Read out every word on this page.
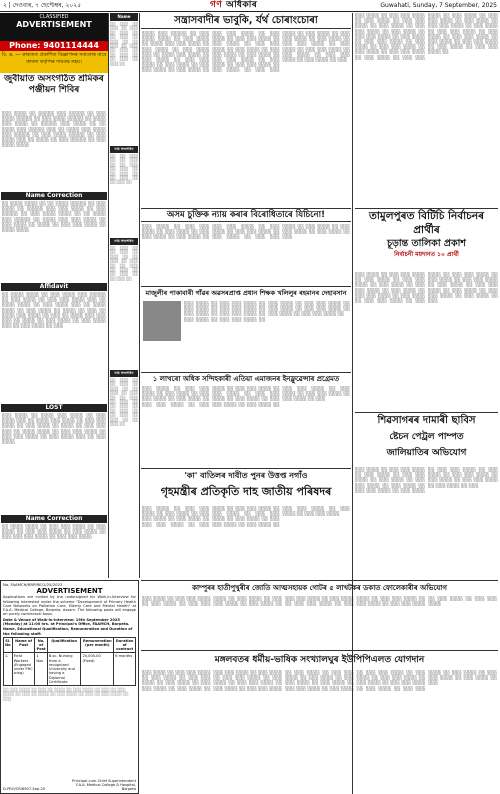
২ | দেওবাৰ, ৭ ছেপ্টেম্বৰ, ২০২৫	গণ অধিকাৰ	Guwahati, Sunday, 7 September, 2025
CLASSIFIED
ADVERTISEMENT
Phone: 9401114444
বি. দ্ৰ. — কাকতত প্ৰকাশিত বিজ্ঞাপনৰ সত্যতাৰ বাবে কাকত কৰ্তৃপক্ষ দায়বদ্ধ নহয়।
জুবীয়াত অসংগঠিত শ্ৰমিকৰ পঞ্জীয়ন শিবিৰ
░░░ ░░░░ ░░ ░░░░░ ░░░ ░░░░░ ░░ ░░░ ░░░░ ░░░░░ ░░ ░░░ ░░░░ ░░░░░ ░░ ░░░░ ░░░ ░░░░ ░░ ░░░░░ ░░░ ░░░░ ░░ ░░ ░░░░ ░░░ ░░░░░ ░░░ ░░ ░░░░ ░░░ ░░░░ ░░░ ░░░░░ ░░ ░░░ ░░░░ ░░░░░ ░░ ░░░ ░░░░ ░░░ ░░ ░░░░ ░░ ░░░ ░░░░░ ░░ ░░░ ░░░░ ░░░░
Name Correction
░░ ░░░░ ░░░░ ░░ ░░ ░░░░ ░░░░░ ░░ ░░░ ░░░░ ░░ ░░░░░ ░░░ ░░░ ░░░░ ░░ ░░░ ░░░░░ ░░ ░░░ ░░░░ ░░░░ ░░ ░░ ░░░░ ░░░ ░░░░░ ░░ ░░░░ ░░░ ░░░ ░░░░ ░░ ░░░ ░░░░ ░░ ░░░░ ░░ ░░░ ░░░ ░░░░ ░░ ░░░░ ░░░░
Affidavit
░░ ░░░░ ░░░░ ░░ ░░░ ░░░░ ░░░ ░░░░░ ░░ ░░░ ░░░░ ░░ ░░░ ░░░ ░░░░ ░░░ ░░ ░░░░ ░░░░ ░░ ░░░ ░░░░ ░░░ ░░ ░░░░ ░░░░ ░░ ░░░ ░░░░ ░░ ░░░░ ░░ ░░░ ░░ ░░░░ ░░░ ░░░░ ░░ ░░░ ░░ ░░░░ ░░░ ░░░ ░░░ ░░ ░░░░ ░░ ░░░ ░░░░ ░░ ░░░ ░░░░ ░░░ ░░ ░░░ ░░░░ ░░ ░░░
LOST
░░░ ░░░░ ░░ ░░░░ ░░░ ░░░░ ░░ ░░░ ░░░░ ░░░ ░░ ░░░░ ░░░ ░░░░ ░░ ░░░ ░░░ ░░░░ ░░ ░░░ ░░░░ ░░ ░░░░ ░░ ░░░ ░░░ ░░░ ░░ ░░░░ ░░░░ ░░ ░░░ ░░░ ░░░░ ░░ ░░░ ░░░ ░░░░ ░░ ░░░ ░░░░ ░░░ ░░ ░░░ ░░░░
Name Correction
░░ ░░░░ ░░░░ ░░ ░░░ ░░░ ░░░░ ░░ ░░░ ░░░░ ░░ ░░░ ░░░ ░░░░ ░░ ░░░ ░░░░ ░░ ░░░ ░░░ ░░░ ░░░░ ░░ ░░░ ░░░ ░░░░
Name
░░ ░░░ ░░ ░░░ ░░ ░░░ ░░ ░░░ ░░ ░░ ░░░ ░░ ░░░ ░░ ░░ ░░░ ░░ ░░░ ░░ ░░░ ░░ ░░ ░░░ ░░ ░░ ░░░ ░░ ░░░ ░░
নাম সংশোধন
░░ ░░ ░░░ ░░ ░░ ░░░ ░░ ░░ ░░░ ░░ ░░░ ░░ ░░ ░░░ ░░ ░░ ░░░ ░░ ░░ ░░░ ░░
নাম সংশোধন
░░ ░░░ ░░ ░░ ░░░ ░░ ░░░ ░░ ░░ ░░░ ░░ ░░░ ░░ ░░ ░░░ ░░ ░░░ ░░ ░░ ░░░ ░░ ░░ ░░░ ░░
নাম সংশোধন
░░ ░░░ ░░ ░░ ░░░ ░░ ░░░ ░░ ░░ ░░░ ░░ ░░░ ░░ ░░ ░░░ ░░ ░░░ ░░ ░░ ░░░ ░░ ░░ ░░░ ░░ ░░ ░░░ ░░ ░░░ ░░ ░░ ░░░ ░░
সন্ত্ৰাসবাদীৰ ভাবুকি, ৰ্যৰ্থ চোৰাংচোৰা
░░░░ ░░░ ░░░░░ ░░ ░░░ ░░░░ ░░░░ ░░ ░░░ ░░░░ ░░ ░░░░ ░░░ ░░░ ░░░░ ░░ ░░░ ░░░░ ░░ ░░░ ░░░░ ░░░ ░░ ░░░░ ░░░ ░░░░ ░░ ░░░ ░░░░ ░░ ░░░ ░░░ ░░░░ ░░ ░░░ ░░░░ ░░ ░░░ ░░░ ░░░░ ░░ ░░░ ░░░░ ░░ ░░░ ░░░ ░░░░ ░░ ░░░ ░░░░ ░░ ░░░ ░░░ ░░░░ ░░ ░░░ ░░░░ ░░ ░░░ ░░░ ░░░░ ░░ ░░░ ░░░░ ░░ ░░░ ░░░ ░░░░ ░░ ░░░ ░░░░ ░░ ░░░ ░░░ ░░░░ ░░ ░░░ ░░░░ ░░ ░░░ ░░░ ░░░░ ░░ ░░░ ░░░░ ░░ ░░░ ░░░ ░░░░ ░░ ░░░ ░░░░ ░░ ░░░ ░░░ ░░░░ ░░ ░░░ ░░░░ ░░ ░░░ ░░░ ░░░░ ░░ ░░░ ░░░░ ░░ ░░░ ░░░ ░░░░ ░░ ░░░ ░░░░ ░░ ░░░ ░░░ ░░░░ ░░ ░░░ ░░░░ ░░ ░░░
অসম চুক্তিক ন্যায় কৰাৰ বিৰোধিতাৰে যিচিনো!
░░░ ░░░░ ░░ ░░░ ░░░ ░░░░ ░░ ░░░ ░░░░ ░░ ░░░ ░░░ ░░░░ ░░ ░░░ ░░░░ ░░ ░░░ ░░░ ░░░░ ░░ ░░░ ░░░░ ░░ ░░░ ░░░ ░░░░ ░░ ░░░ ░░░░ ░░ ░░░ ░░░ ░░░░ ░░ ░░░ ░░░░ ░░ ░░░ ░░░ ░░░░ ░░ ░░░ ░░░░ ░░ ░░░
মাজুলীৰ পাকাবাৰী গাঁৱৰ অৱসৰপ্ৰাপ্ত প্ৰধান শিক্ষক খলিলুৰ ৰহমানৰ দেহাবসান
░░░ ░░░░ ░░ ░░░ ░░░ ░░░░ ░░ ░░░ ░░░░ ░░ ░░░ ░░░ ░░░░ ░░ ░░░ ░░░░ ░░ ░░░ ░░░ ░░░░ ░░ ░░░ ░░░░ ░░ ░░░ ░░░ ░░░░ ░░ ░░░ ░░░░ ░░ ░░░ ░░░ ░░░░ ░░ ░░░ ░░░░ ░░ ░░░ ░░░ ░░░░ ░░ ░░░ ░░░░ ░░ ░░░ ░░░ ░░░░ ░░
১ লাখৰো অধিক সন্দিহকাৰী এতিয়া এমাজনৰ ইনফ্লুৱেন্সাৰ প্ৰগ্ৰেমত
░░░ ░░░░ ░░ ░░░ ░░░ ░░░░ ░░ ░░░ ░░░░ ░░ ░░░ ░░░ ░░░░ ░░ ░░░ ░░░░ ░░ ░░░ ░░░ ░░░░ ░░ ░░░ ░░░░ ░░ ░░░ ░░░ ░░░░ ░░ ░░░ ░░░░ ░░ ░░░ ░░░ ░░░░ ░░ ░░░ ░░░░ ░░ ░░░ ░░░ ░░░░ ░░ ░░░ ░░░░ ░░ ░░░ ░░░ ░░░░ ░░ ░░░ ░░░░ ░░ ░░░ ░░░ ░░░░ ░░ ░░░ ░░░░ ░░ ░░░
'কা' বাতিলৰ দাবীত পুনৰ উত্তপ্ত নগাঁও
গৃহমন্ত্ৰীৰ প্ৰতিকৃতি দাহ জাতীয় পৰিষদৰ
░░░ ░░░░ ░░ ░░░ ░░░ ░░░░ ░░ ░░░ ░░░░ ░░ ░░░ ░░░ ░░░░ ░░ ░░░ ░░░░ ░░ ░░░ ░░░ ░░░░ ░░ ░░░ ░░░░ ░░ ░░░ ░░░ ░░░░ ░░ ░░░ ░░░░ ░░ ░░░ ░░░ ░░░░ ░░ ░░░ ░░░░ ░░ ░░░ ░░░ ░░░░ ░░ ░░░ ░░░░ ░░ ░░░ ░░░ ░░░░ ░░ ░░░ ░░░░ ░░ ░░░ ░░░ ░░░░
░░░ ░░░░ ░░ ░░░ ░░░ ░░░░ ░░ ░░░ ░░░░ ░░ ░░░ ░░░ ░░░░ ░░ ░░░ ░░░░ ░░ ░░░ ░░░ ░░░░ ░░ ░░░ ░░░░ ░░ ░░░ ░░░ ░░░░ ░░ ░░░ ░░░░ ░░ ░░░ ░░░ ░░░░ ░░ ░░░ ░░░░ ░░ ░░░ ░░░ ░░░░ ░░ ░░░ ░░░░ ░░ ░░░ ░░░ ░░░░ ░░ ░░░ ░░░░ ░░ ░░░ ░░░ ░░░░ ░░ ░░░ ░░░░ ░░ ░░░ ░░░ ░░░░ ░░ ░░░ ░░░░ ░░ ░░░ ░░░ ░░░░ ░░ ░░░ ░░░░ ░░ ░░░ ░░░ ░░░░ ░░ ░░░ ░░░░ ░░ ░░░ ░░░ ░░░░ ░░ ░░░ ░░░░ ░░ ░░░ ░░░ ░░░░ ░░ ░░░ ░░░░ ░░ ░░░ ░░░ ░░░░ ░░
তামুলপুৰত বিটিচি নিৰ্বাচনৰ প্ৰাৰ্থীৰ
চূড়ান্ত তালিকা প্ৰকাশ
নিৰ্বাচনী ময়দানত ১০ প্ৰাৰ্থী
░░░ ░░░░ ░░ ░░░ ░░░ ░░░░ ░░ ░░░ ░░░░ ░░ ░░░ ░░░ ░░░░ ░░ ░░░ ░░░░ ░░ ░░░ ░░░ ░░░░ ░░ ░░░ ░░░░ ░░ ░░░ ░░░ ░░░░ ░░ ░░░ ░░░░ ░░ ░░░ ░░░ ░░░░ ░░ ░░░ ░░░░ ░░ ░░░ ░░░ ░░░░ ░░ ░░░ ░░░░ ░░ ░░░ ░░░ ░░░░ ░░ ░░░ ░░░░ ░░ ░░░ ░░░ ░░░░ ░░ ░░░ ░░░░ ░░ ░░░ ░░░ ░░░░ ░░ ░░░ ░░░░ ░░ ░░░
শিৱসাগৰৰ দামাৰী ছাবিস
ষ্টেচন পেট্ৰল পাম্পত
জালিয়াতিৰ অভিযোগ
░░░ ░░░░ ░░ ░░░ ░░░ ░░░░ ░░ ░░░ ░░░░ ░░ ░░░ ░░░ ░░░░ ░░ ░░░ ░░░░ ░░ ░░░ ░░░ ░░░░ ░░ ░░░ ░░░░ ░░ ░░░ ░░░ ░░░░ ░░ ░░░ ░░░░ ░░ ░░░ ░░░ ░░░░ ░░ ░░░ ░░░░ ░░ ░░░ ░░░ ░░░░ ░░ ░░░ ░░░░ ░░ ░░░ ░░░ ░░░░ ░░ ░░░ ░░░░ ░░ ░░░
কাম্পুৰৰ হাতীপুখুৰীৰ জোতি আত্মসহায়ক গোটৰ ৫ লাখটকৰ ডকাত ফোলেকাৰীৰ অভিযোগ
░░░ ░░░░ ░░ ░░░ ░░░ ░░░░ ░░ ░░░ ░░░░ ░░ ░░░ ░░░ ░░░░ ░░ ░░░ ░░░░ ░░ ░░░ ░░░ ░░░░ ░░ ░░░ ░░░░ ░░ ░░░ ░░░ ░░░░ ░░ ░░░ ░░░░ ░░ ░░░ ░░░ ░░░░ ░░ ░░░ ░░░░ ░░ ░░░ ░░░ ░░░░ ░░ ░░░ ░░░░ ░░ ░░░ ░░░ ░░░░ ░░ ░░░ ░░░░ ░░ ░░░ ░░░ ░░░░
মঙ্গলবতৰ ধৰ্মীয়-ভাষিক সংখ্যালঘুৰ ইউপিপিএলত যোগদান
░░░ ░░░░ ░░ ░░░ ░░░ ░░░░ ░░ ░░░ ░░░░ ░░ ░░░ ░░░ ░░░░ ░░ ░░░ ░░░░ ░░ ░░░ ░░░ ░░░░ ░░ ░░░ ░░░░ ░░ ░░░ ░░░ ░░░░ ░░ ░░░ ░░░░ ░░ ░░░ ░░░ ░░░░ ░░ ░░░ ░░░░ ░░ ░░░ ░░░ ░░░░ ░░ ░░░ ░░░░ ░░ ░░░ ░░░ ░░░░ ░░ ░░░ ░░░░ ░░ ░░░ ░░░ ░░░░ ░░ ░░░ ░░░░ ░░ ░░░ ░░░ ░░░░ ░░ ░░░ ░░░░ ░░ ░░░ ░░░ ░░░░ ░░ ░░░ ░░░░ ░░ ░░░ ░░░ ░░░░ ░░ ░░░ ░░░░ ░░ ░░░ ░░░ ░░░░ ░░ ░░░ ░░░░ ░░ ░░░ ░░░ ░░░░ ░░ ░░░ ░░░░ ░░ ░░░ ░░░ ░░░░ ░░ ░░░ ░░░░ ░░ ░░░ ░░░ ░░░░ ░░ ░░░ ░░░░ ░░ ░░░
No. FAAMCH/RRP/RE/1/25/2023
ADVERTISEMENT
Applications are invited by the undersigned for Walk-in-Interview for following Interested under the scheme "Development of Primary Health Care Networks on Palliative Care, Elderly Care and Mental Health" at F.A.A. Medical College, Barpeta, Assam. The following posts will engage on purely contractual basis.
Date & Venue of Walk-in-Interview: 19th September 2025 (Monday) at 11:00 hrs. at Principal's Office, FAAMCH, Barpeta.
Name, Educational Qualification, Remuneration and Duration of the following staff:
Sl. No	Name of Post	No. of Post	Qualification	Remuneration (per month)	Duration of contract
1.	Field Workers (Engaged under PHC wing)	1 Nos	B.sc. Nursing from a recognized University and having a Diploma/ Certificate	20,000.00 (Fixed)	6 months
░░ ░░░ ░░░░ ░░ ░░░ ░░ ░░░░ ░░ ░░░ ░░░░ ░░ ░░░ ░░ ░░░ ░░░░ ░░ ░░░ ░░ ░░░░ ░░ ░░░ ░░░░ ░░ ░░░ ░░ ░░░ ░░░░ ░░ ░░░
D-PRO/CR/6907-Sep-25
Principal-cum-Chief Superintendent
F.A.A. Medical College & Hospital, Barpeta
